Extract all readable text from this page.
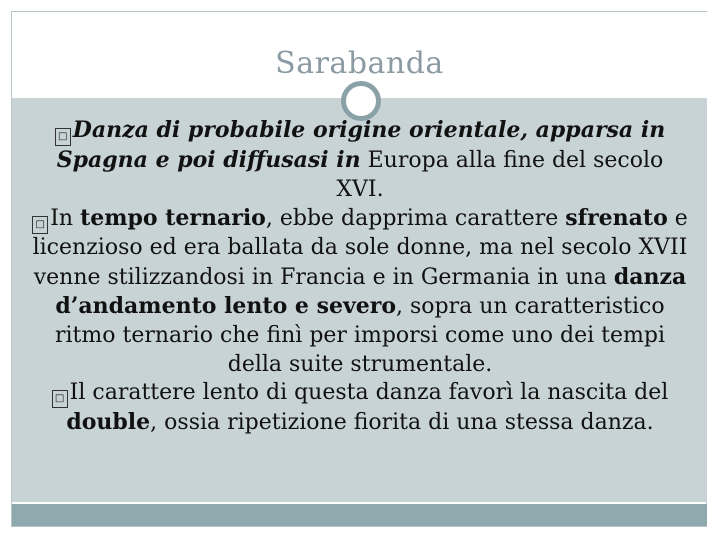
Sarabanda

□ Danza di probabile origine orientale, apparsa in Spagna e poi diffusasi in Europa alla fine del secolo XVI.

□ In tempo ternario, ebbe dapprima carattere sfrenato e licenzioso ed era ballata da sole donne, ma nel secolo XVII venne stilizzandosi in Francia e in Germania in una danza d’andamento lento e severo, sopra un caratteristico ritmo ternario che finì per imporsi come uno dei tempi della suite strumentale.

□ Il carattere lento di questa danza favorì la nascita del double, ossia ripetizione fiorita di una stessa danza.
